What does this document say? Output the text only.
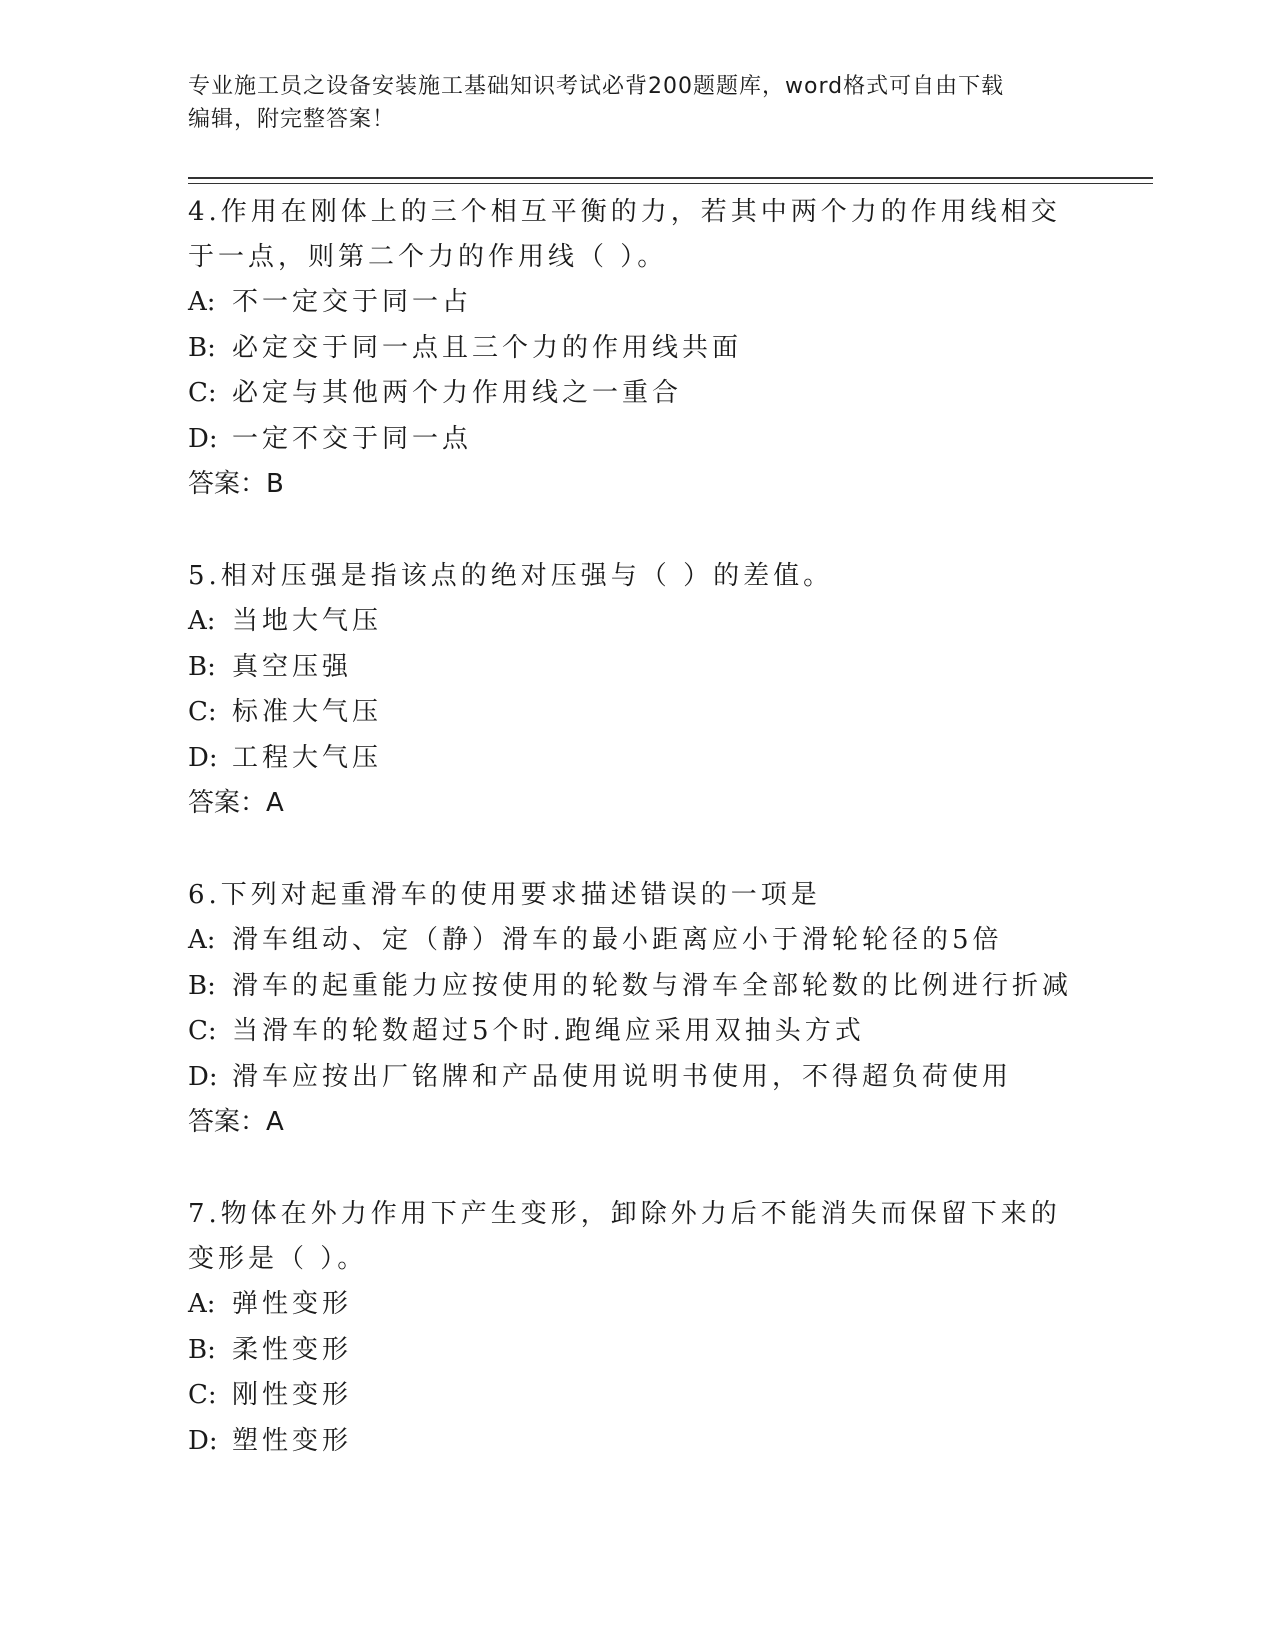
专业施工员之设备安装施工基础知识考试必背200题题库，word格式可自由下载
编辑，附完整答案！
4.作用在刚体上的三个相互平衡的力，若其中两个力的作用线相交于一点，则第二个力的作用线（ ）。
A: 不一定交于同一占
B: 必定交于同一点且三个力的作用线共面
C: 必定与其他两个力作用线之一重合
D: 一定不交于同一点
答案：B
5.相对压强是指该点的绝对压强与（ ）的差值。
A: 当地大气压
B: 真空压强
C: 标准大气压
D: 工程大气压
答案：A
6.下列对起重滑车的使用要求描述错误的一项是
A: 滑车组动、定（静）滑车的最小距离应小于滑轮轮径的5倍
B: 滑车的起重能力应按使用的轮数与滑车全部轮数的比例进行折减
C: 当滑车的轮数超过5个时.跑绳应采用双抽头方式
D: 滑车应按出厂铭牌和产品使用说明书使用，不得超负荷使用
答案：A
7.物体在外力作用下产生变形，卸除外力后不能消失而保留下来的变形是（ ）。
A: 弹性变形
B: 柔性变形
C: 刚性变形
D: 塑性变形
